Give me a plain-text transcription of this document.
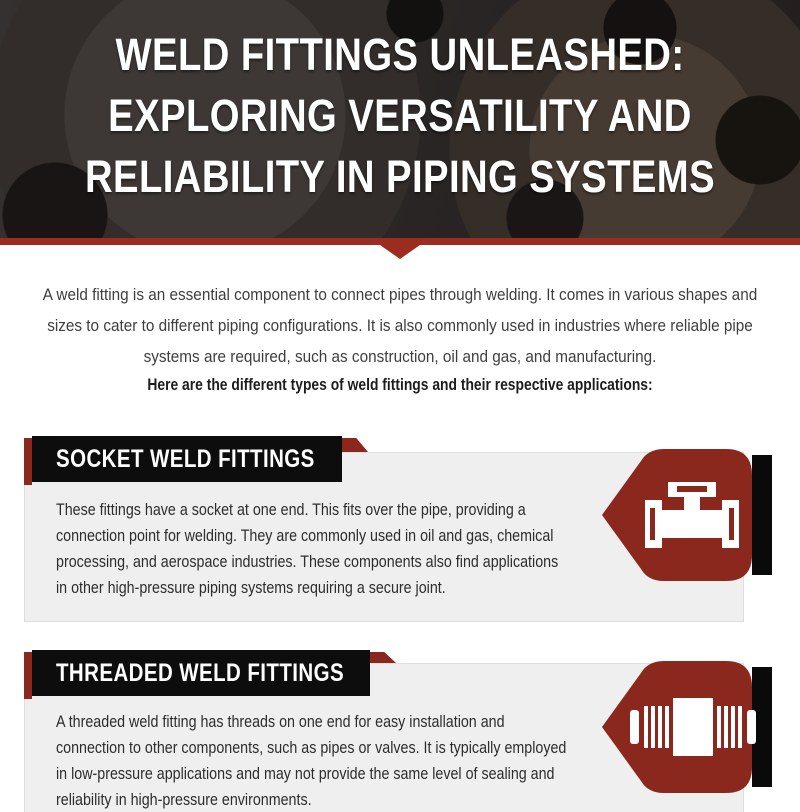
WELD FITTINGS UNLEASHED:
EXPLORING VERSATILITY AND
RELIABILITY IN PIPING SYSTEMS
A weld fitting is an essential component to connect pipes through welding. It comes in various shapes and
sizes to cater to different piping configurations. It is also commonly used in industries where reliable pipe
systems are required, such as construction, oil and gas, and manufacturing.
Here are the different types of weld fittings and their respective applications:
SOCKET WELD FITTINGS
These fittings have a socket at one end. This fits over the pipe, providing a
connection point for welding. They are commonly used in oil and gas, chemical
processing, and aerospace industries. These components also find applications
in other high-pressure piping systems requiring a secure joint.
THREADED WELD FITTINGS
A threaded weld fitting has threads on one end for easy installation and
connection to other components, such as pipes or valves. It is typically employed
in low-pressure applications and may not provide the same level of sealing and
reliability in high-pressure environments.
